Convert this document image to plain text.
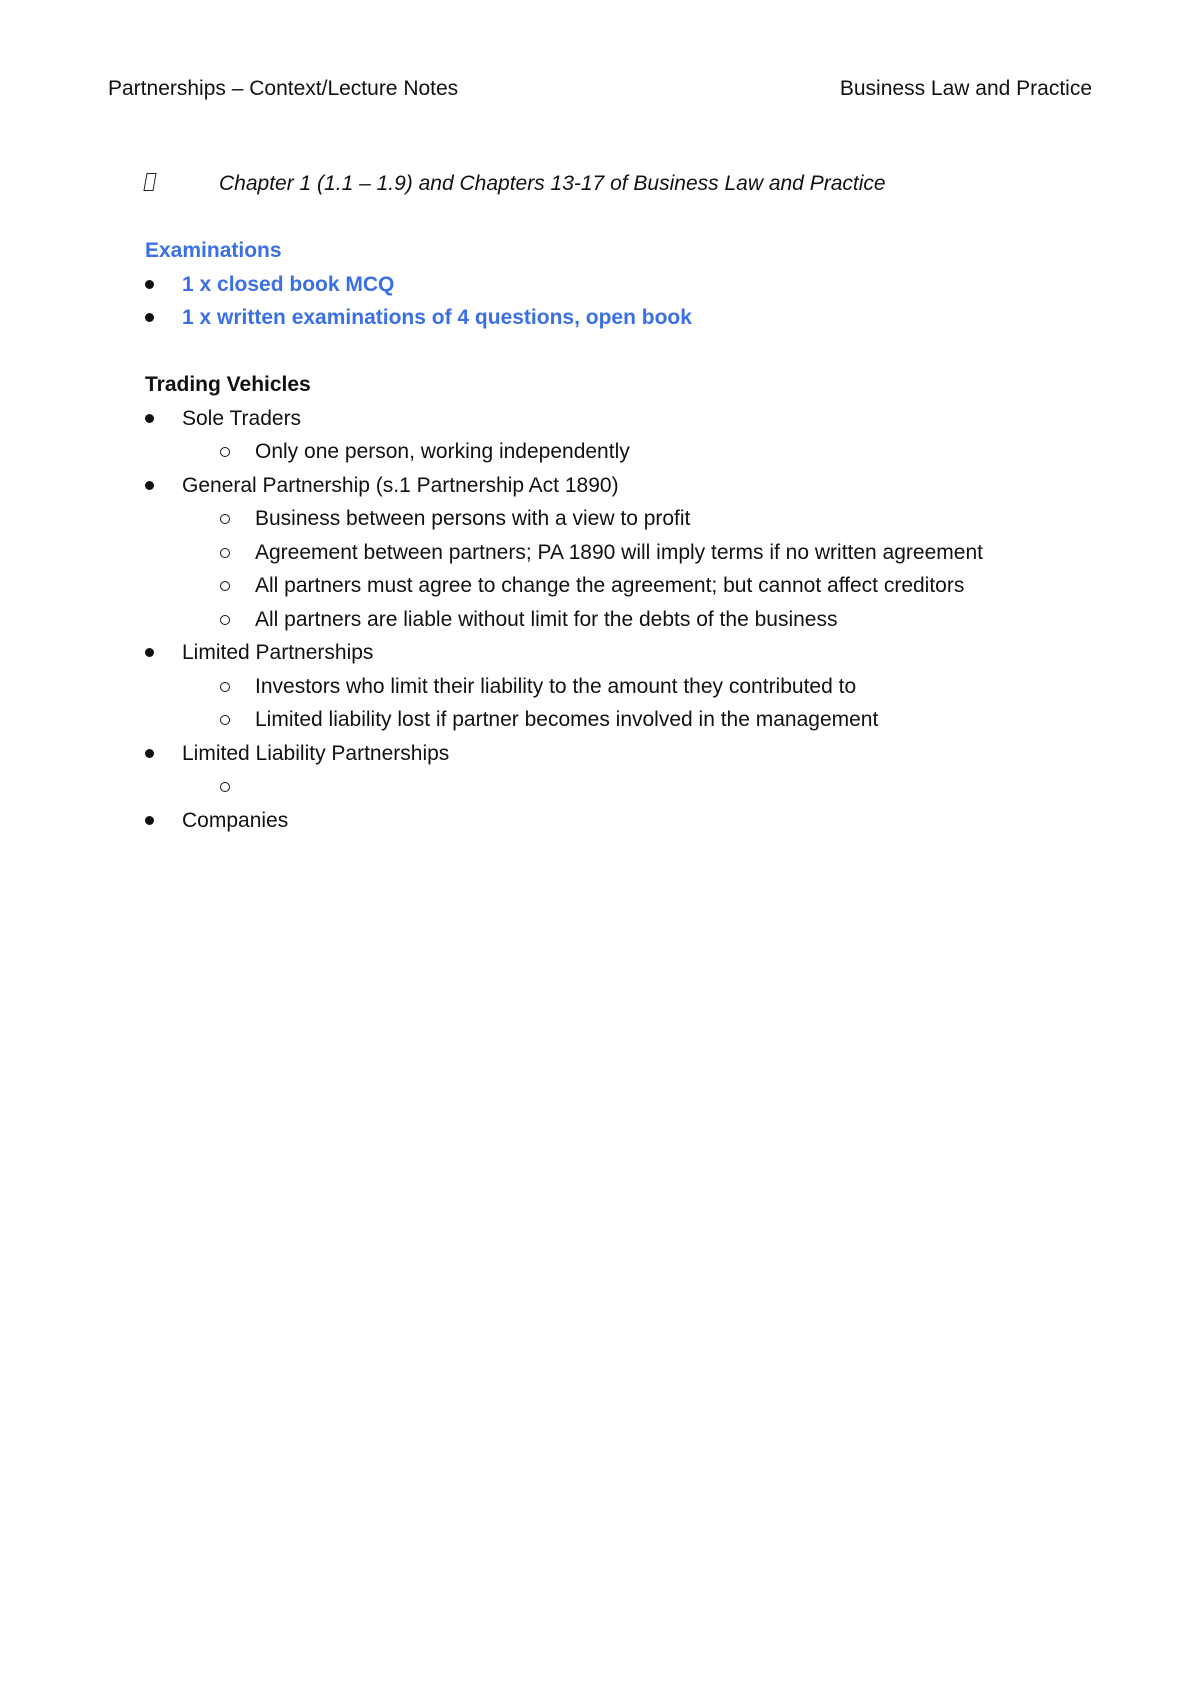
Partnerships – Context/Lecture Notes	Business Law and Practice
Chapter 1 (1.1 – 1.9) and Chapters 13-17 of Business Law and Practice
Examinations
1 x closed book MCQ
1 x written examinations of 4 questions, open book
Trading Vehicles
Sole Traders
Only one person, working independently
General Partnership (s.1 Partnership Act 1890)
Business between persons with a view to profit
Agreement between partners; PA 1890 will imply terms if no written agreement
All partners must agree to change the agreement; but cannot affect creditors
All partners are liable without limit for the debts of the business
Limited Partnerships
Investors who limit their liability to the amount they contributed to
Limited liability lost if partner becomes involved in the management
Limited Liability Partnerships
Companies
